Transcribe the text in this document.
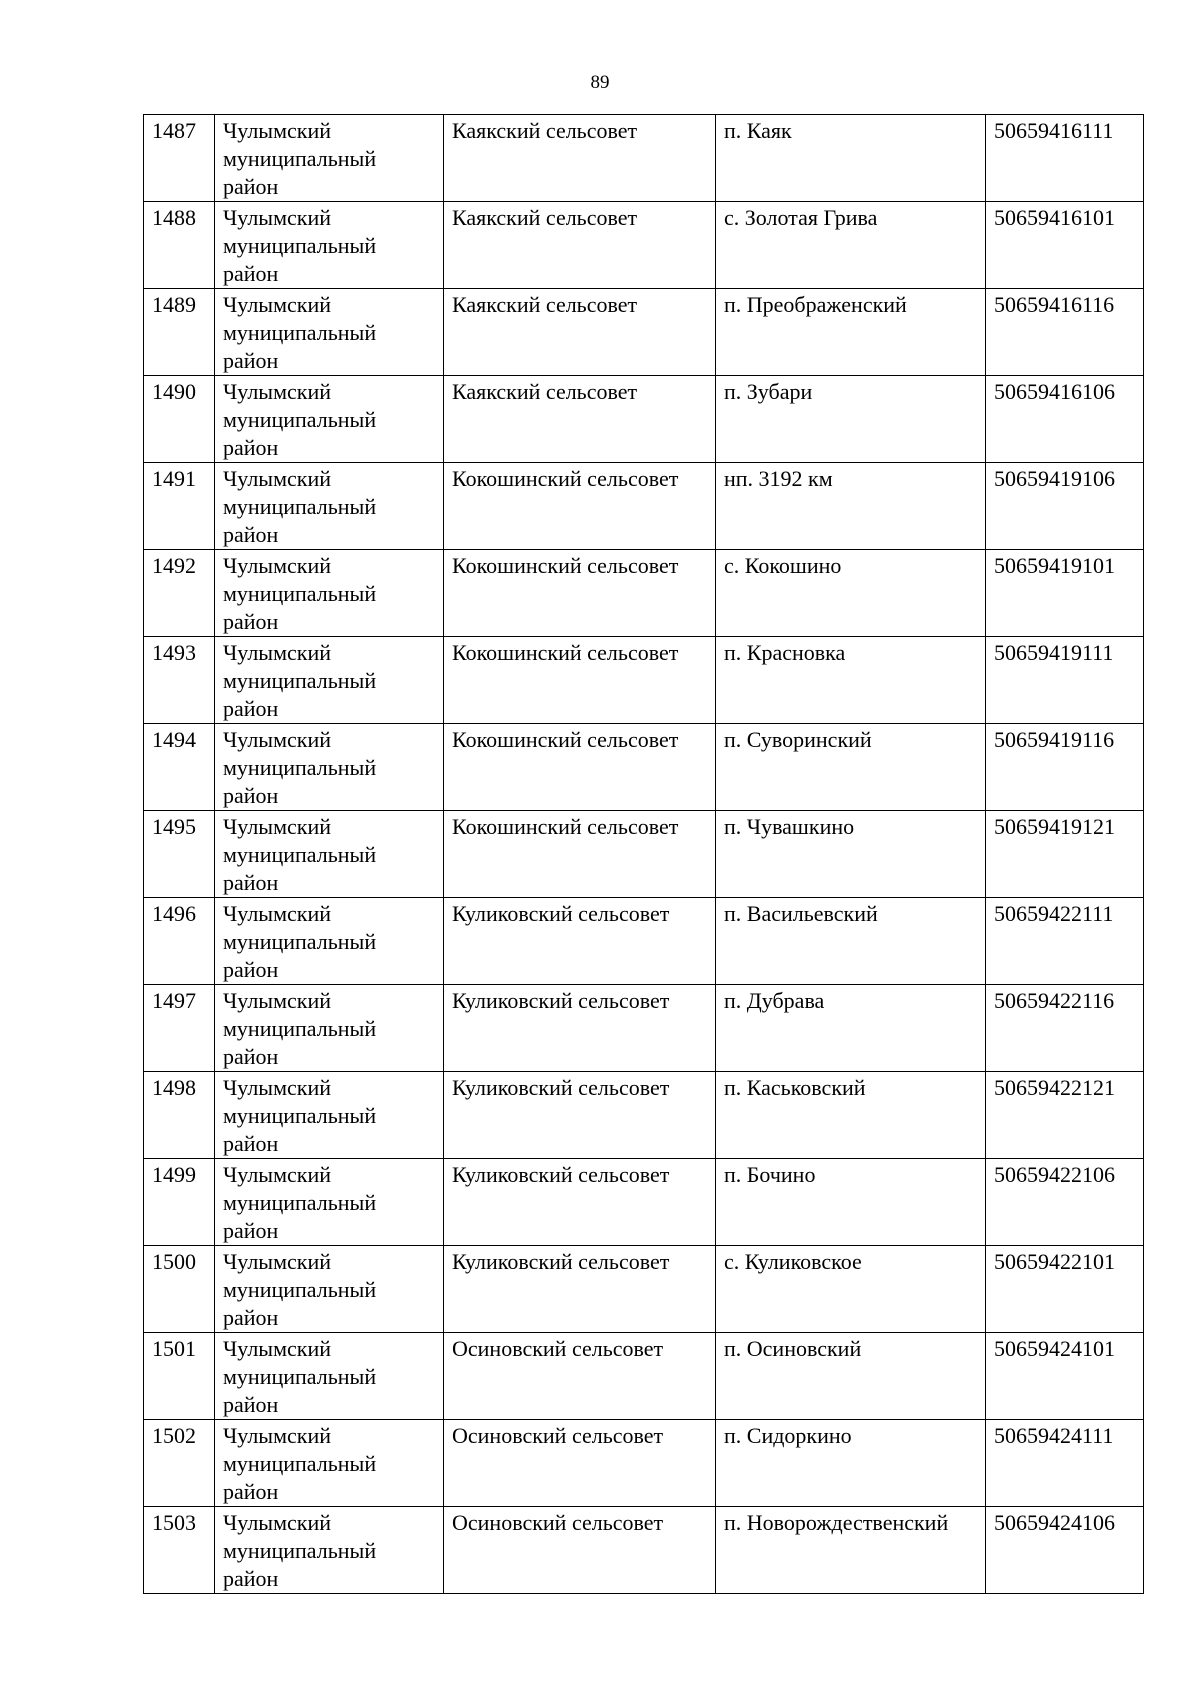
89
1487	Чулымский муниципальный район	Каякский сельсовет	п. Каяк	50659416111

1488	Чулымский муниципальный район	Каякский сельсовет	с. Золотая Грива	50659416101

1489	Чулымский муниципальный район	Каякский сельсовет	п. Преображенский	50659416116

1490	Чулымский муниципальный район	Каякский сельсовет	п. Зубари	50659416106

1491	Чулымский муниципальный район	Кокошинский сельсовет	нп. 3192 км	50659419106

1492	Чулымский муниципальный район	Кокошинский сельсовет	с. Кокошино	50659419101

1493	Чулымский муниципальный район	Кокошинский сельсовет	п. Красновка	50659419111

1494	Чулымский муниципальный район	Кокошинский сельсовет	п. Суворинский	50659419116

1495	Чулымский муниципальный район	Кокошинский сельсовет	п. Чувашкино	50659419121

1496	Чулымский муниципальный район	Куликовский сельсовет	п. Васильевский	50659422111

1497	Чулымский муниципальный район	Куликовский сельсовет	п. Дубрава	50659422116

1498	Чулымский муниципальный район	Куликовский сельсовет	п. Каськовский	50659422121

1499	Чулымский муниципальный район	Куликовский сельсовет	п. Бочино	50659422106

1500	Чулымский муниципальный район	Куликовский сельсовет	с. Куликовское	50659422101

1501	Чулымский муниципальный район	Осиновский сельсовет	п. Осиновский	50659424101

1502	Чулымский муниципальный район	Осиновский сельсовет	п. Сидоркино	50659424111

1503	Чулымский муниципальный район	Осиновский сельсовет	п. Новорождественский	50659424106
